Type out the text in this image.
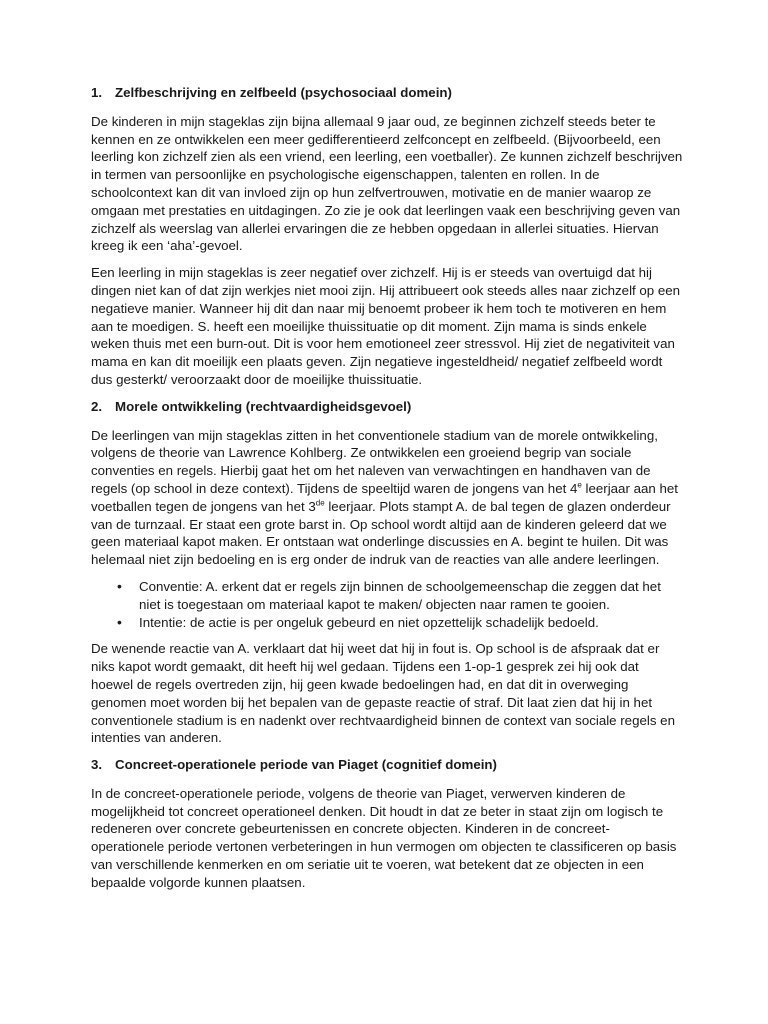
1. Zelfbeschrijving en zelfbeeld (psychosociaal domein)

De kinderen in mijn stageklas zijn bijna allemaal 9 jaar oud, ze beginnen zichzelf steeds beter te kennen en ze ontwikkelen een meer gedifferentieerd zelfconcept en zelfbeeld. (Bijvoorbeeld, een leerling kon zichzelf zien als een vriend, een leerling, een voetballer). Ze kunnen zichzelf beschrijven in termen van persoonlijke en psychologische eigenschappen, talenten en rollen. In de schoolcontext kan dit van invloed zijn op hun zelfvertrouwen, motivatie en de manier waarop ze omgaan met prestaties en uitdagingen. Zo zie je ook dat leerlingen vaak een beschrijving geven van zichzelf als weerslag van allerlei ervaringen die ze hebben opgedaan in allerlei situaties. Hiervan kreeg ik een ‘aha’-gevoel.

Een leerling in mijn stageklas is zeer negatief over zichzelf. Hij is er steeds van overtuigd dat hij dingen niet kan of dat zijn werkjes niet mooi zijn. Hij attribueert ook steeds alles naar zichzelf op een negatieve manier. Wanneer hij dit dan naar mij benoemt probeer ik hem toch te motiveren en hem aan te moedigen. S. heeft een moeilijke thuissituatie op dit moment. Zijn mama is sinds enkele weken thuis met een burn-out. Dit is voor hem emotioneel zeer stressvol. Hij ziet de negativiteit van mama en kan dit moeilijk een plaats geven. Zijn negatieve ingesteldheid/ negatief zelfbeeld wordt dus gesterkt/ veroorzaakt door de moeilijke thuissituatie.

2. Morele ontwikkeling (rechtvaardigheidsgevoel)

De leerlingen van mijn stageklas zitten in het conventionele stadium van de morele ontwikkeling, volgens de theorie van Lawrence Kohlberg. Ze ontwikkelen een groeiend begrip van sociale conventies en regels. Hierbij gaat het om het naleven van verwachtingen en handhaven van de regels (op school in deze context). Tijdens de speeltijd waren de jongens van het 4e leerjaar aan het voetballen tegen de jongens van het 3de leerjaar. Plots stampt A. de bal tegen de glazen onderdeur van de turnzaal. Er staat een grote barst in. Op school wordt altijd aan de kinderen geleerd dat we geen materiaal kapot maken. Er ontstaan wat onderlinge discussies en A. begint te huilen. Dit was helemaal niet zijn bedoeling en is erg onder de indruk van de reacties van alle andere leerlingen.

• Conventie: A. erkent dat er regels zijn binnen de schoolgemeenschap die zeggen dat het niet is toegestaan om materiaal kapot te maken/ objecten naar ramen te gooien.
• Intentie: de actie is per ongeluk gebeurd en niet opzettelijk schadelijk bedoeld.

De wenende reactie van A. verklaart dat hij weet dat hij in fout is. Op school is de afspraak dat er niks kapot wordt gemaakt, dit heeft hij wel gedaan. Tijdens een 1-op-1 gesprek zei hij ook dat hoewel de regels overtreden zijn, hij geen kwade bedoelingen had, en dat dit in overweging genomen moet worden bij het bepalen van de gepaste reactie of straf. Dit laat zien dat hij in het conventionele stadium is en nadenkt over rechtvaardigheid binnen de context van sociale regels en intenties van anderen.

3. Concreet-operationele periode van Piaget (cognitief domein)

In de concreet-operationele periode, volgens de theorie van Piaget, verwerven kinderen de mogelijkheid tot concreet operationeel denken. Dit houdt in dat ze beter in staat zijn om logisch te redeneren over concrete gebeurtenissen en concrete objecten. Kinderen in de concreet-operationele periode vertonen verbeteringen in hun vermogen om objecten te classificeren op basis van verschillende kenmerken en om seriatie uit te voeren, wat betekent dat ze objecten in een bepaalde volgorde kunnen plaatsen.
